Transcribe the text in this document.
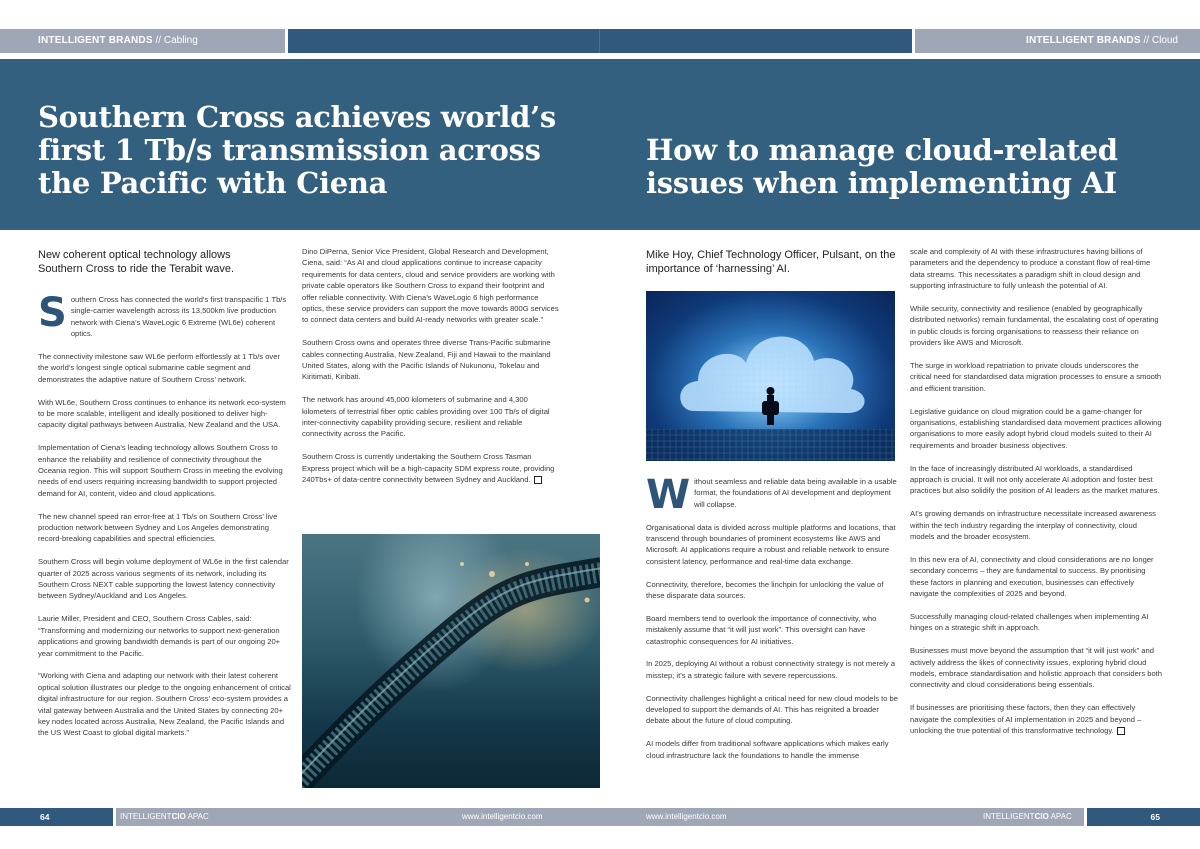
INTELLIGENT BRANDS // Cabling	INTELLIGENT BRANDS // Cloud
Southern Cross achieves world’s first 1 Tb/s transmission across the Pacific with Ciena
How to manage cloud-related issues when implementing AI

New coherent optical technology allows Southern Cross to ride the Terabit wave.

Southern Cross has connected the world’s first transpacific 1 Tb/s single-carrier wavelength across its 13,500km live production network with Ciena’s WaveLogic 6 Extreme (WL6e) coherent optics.

The connectivity milestone saw WL6e perform effortlessly at 1 Tb/s over the world’s longest single optical submarine cable segment and demonstrates the adaptive nature of Southern Cross’ network.

With WL6e, Southern Cross continues to enhance its network eco-system to be more scalable, intelligent and ideally positioned to deliver high-capacity digital pathways between Australia, New Zealand and the USA.

Implementation of Ciena’s leading technology allows Southern Cross to enhance the reliability and resilience of connectivity throughout the Oceania region. This will support Southern Cross in meeting the evolving needs of end users requiring increasing bandwidth to support projected demand for AI, content, video and cloud applications.

The new channel speed ran error-free at 1 Tb/s on Southern Cross’ live production network between Sydney and Los Angeles demonstrating record-breaking capabilities and spectral efficiencies.

Southern Cross will begin volume deployment of WL6e in the first calendar quarter of 2025 across various segments of its network, including its Southern Cross NEXT cable supporting the lowest latency connectivity between Sydney/Auckland and Los Angeles.

Laurie Miller, President and CEO, Southern Cross Cables, said: “Transforming and modernizing our networks to support next-generation applications and growing bandwidth demands is part of our ongoing 20+ year commitment to the Pacific.

“Working with Ciena and adapting our network with their latest coherent optical solution illustrates our pledge to the ongoing enhancement of critical digital infrastructure for our region. Southern Cross’ eco-system provides a vital gateway between Australia and the United States by connecting 20+ key nodes located across Australia, New Zealand, the Pacific Islands and the US West Coast to global digital markets.”

Dino DiPerna, Senior Vice President, Global Research and Development, Ciena, said: “As AI and cloud applications continue to increase capacity requirements for data centers, cloud and service providers are working with private cable operators like Southern Cross to expand their footprint and offer reliable connectivity. With Ciena’s WaveLogic 6 high performance optics, these service providers can support the move towards 800G services to connect data centers and build AI-ready networks with greater scale.”

Southern Cross owns and operates three diverse Trans-Pacific submarine cables connecting Australia, New Zealand, Fiji and Hawaii to the mainland United States, along with the Pacific Islands of Nukunonu, Tokelau and Kiritimati, Kiribati.

The network has around 45,000 kilometers of submarine and 4,300 kilometers of terrestrial fiber optic cables providing over 100 Tb/s of digital inter-connectivity capability providing secure, resilient and reliable connectivity across the Pacific.

Southern Cross is currently undertaking the Southern Cross Tasman Express project which will be a high-capacity SDM express route, providing 240Tbs+ of data-centre connectivity between Sydney and Auckland.

Mike Hoy, Chief Technology Officer, Pulsant, on the importance of ‘harnessing’ AI.

Without seamless and reliable data being available in a usable format, the foundations of AI development and deployment will collapse.

Organisational data is divided across multiple platforms and locations, that transcend through boundaries of prominent ecosystems like AWS and Microsoft. AI applications require a robust and reliable network to ensure consistent latency, performance and real-time data exchange.

Connectivity, therefore, becomes the linchpin for unlocking the value of these disparate data sources.

Board members tend to overlook the importance of connectivity, who mistakenly assume that “it will just work”. This oversight can have catastrophic consequences for AI initiatives.

In 2025, deploying AI without a robust connectivity strategy is not merely a misstep; it’s a strategic failure with severe repercussions.

Connectivity challenges highlight a critical need for new cloud models to be developed to support the demands of AI. This has reignited a broader debate about the future of cloud computing.

AI models differ from traditional software applications which makes early cloud infrastructure lack the foundations to handle the immense

scale and complexity of AI with these infrastructures having billions of parameters and the dependency to produce a constant flow of real-time data streams. This necessitates a paradigm shift in cloud design and supporting infrastructure to fully unleash the potential of AI.

While security, connectivity and resilience (enabled by geographically distributed networks) remain fundamental, the escalating cost of operating in public clouds is forcing organisations to reassess their reliance on providers like AWS and Microsoft.

The surge in workload repatriation to private clouds underscores the critical need for standardised data migration processes to ensure a smooth and efficient transition.

Legislative guidance on cloud migration could be a game-changer for organisations, establishing standardised data movement practices allowing organisations to more easily adopt hybrid cloud models suited to their AI requirements and broader business objectives.

In the face of increasingly distributed AI workloads, a standardised approach is crucial. It will not only accelerate AI adoption and foster best practices but also solidify the position of AI leaders as the market matures.

AI’s growing demands on infrastructure necessitate increased awareness within the tech industry regarding the interplay of connectivity, cloud models and the broader ecosystem.

In this new era of AI, connectivity and cloud considerations are no longer secondary concerns – they are fundamental to success. By prioritising these factors in planning and execution, businesses can effectively navigate the complexities of 2025 and beyond.

Successfully managing cloud-related challenges when implementing AI hinges on a strategic shift in approach.

Businesses must move beyond the assumption that “it will just work” and actively address the likes of connectivity issues, exploring hybrid cloud models, embrace standardisation and holistic approach that considers both connectivity and cloud considerations being essentials.

If businesses are prioritising these factors, then they can effectively navigate the complexities of AI implementation in 2025 and beyond – unlocking the true potential of this transformative technology.

64	INTELLIGENTCIO APAC	www.intelligentcio.com	www.intelligentcio.com	INTELLIGENTCIO APAC	65
